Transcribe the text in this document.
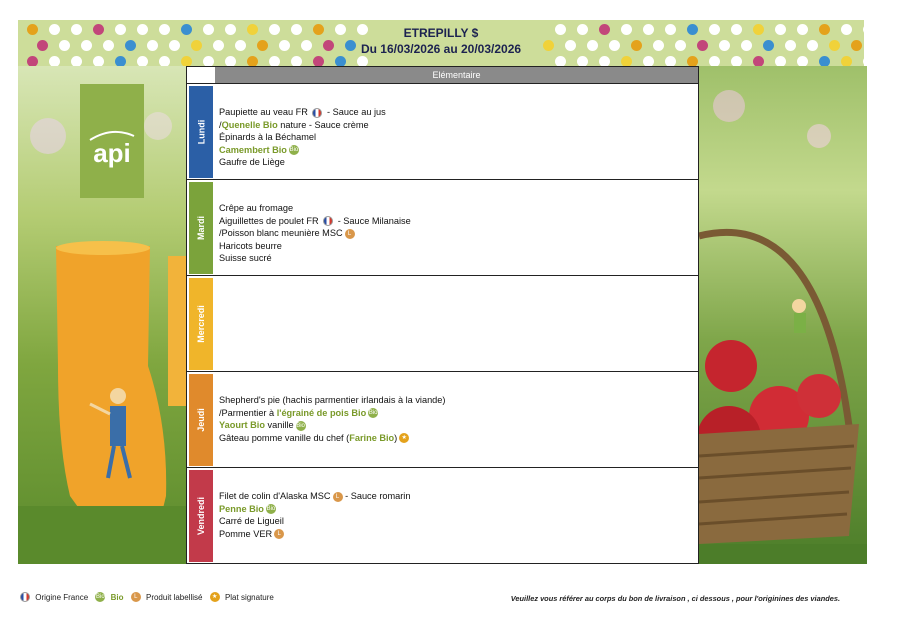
ETREPILLY $
Du 16/03/2026 au 20/03/2026
api
Elémentaire
Lundi
Paupiette au veau FR  - Sauce au jus
/Quenelle Bio nature - Sauce crème
Épinards à la Béchamel
Camembert Bio Bio
Gaufre de Liège
Mardi
Crêpe au fromage
Aiguillettes de poulet FR  - Sauce Milanaise
/Poisson blanc meunière MSC L
Haricots beurre
Suisse sucré
Mercredi
Jeudi
Shepherd's pie (hachis parmentier irlandais à la viande)
/Parmentier à l'égrainé de pois Bio Bio
Yaourt Bio vanille Bio
Gâteau pomme vanille du chef (Farine Bio) ★
Vendredi
Filet de colin d'Alaska MSC L - Sauce romarin
Penne Bio Bio
Carré de Ligueil
Pomme VER L
Origine France Bio Bio L Produit labellisé ★ Plat signature	Veuillez vous référer au corps du bon de livraison , ci dessous , pour l'originines des viandes.
